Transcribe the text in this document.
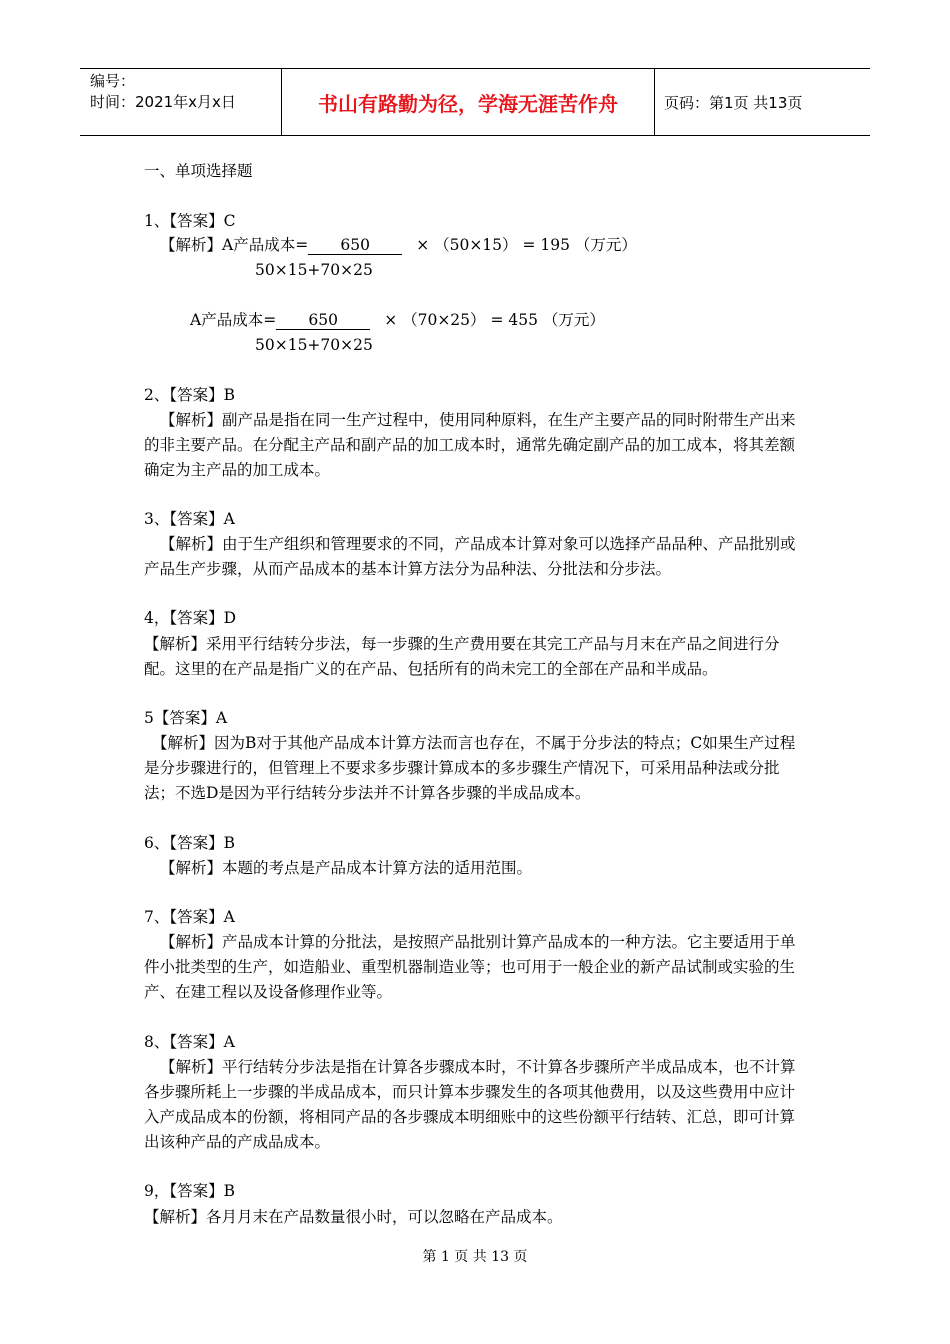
编号：
时间：2021年x月x日	书山有路勤为径，学海无涯苦作舟	页码：第1页 共13页
一、单项选择题
1、【答案】C
【解析】A产品成本= 650	× （50×15） = 195 （万元）
50×15+70×25
A产品成本= 650	× （70×25） = 455 （万元）
50×15+70×25
2、【答案】B
【解析】副产品是指在同一生产过程中，使用同种原料，在生产主要产品的同时附带生产出来的非主要产品。在分配主产品和副产品的加工成本时，通常先确定副产品的加工成本，将其差额确定为主产品的加工成本。
3、【答案】A
【解析】由于生产组织和管理要求的不同，产品成本计算对象可以选择产品品种、产品批别或产品生产步骤，从而产品成本的基本计算方法分为品种法、分批法和分步法。
4，【答案】D
【解析】采用平行结转分步法，每一步骤的生产费用要在其完工产品与月末在产品之间进行分配。这里的在产品是指广义的在产品、包括所有的尚未完工的全部在产品和半成品。
5【答案】A
【解析】因为B对于其他产品成本计算方法而言也存在，不属于分步法的特点；C如果生产过程是分步骤进行的，但管理上不要求多步骤计算成本的多步骤生产情况下，可采用品种法或分批法；不选D是因为平行结转分步法并不计算各步骤的半成品成本。
6、【答案】B
【解析】本题的考点是产品成本计算方法的适用范围。
7、【答案】A
【解析】产品成本计算的分批法，是按照产品批别计算产品成本的一种方法。它主要适用于单件小批类型的生产，如造船业、重型机器制造业等；也可用于一般企业的新产品试制或实验的生产、在建工程以及设备修理作业等。
8、【答案】A
【解析】平行结转分步法是指在计算各步骤成本时，不计算各步骤所产半成品成本，也不计算各步骤所耗上一步骤的半成品成本，而只计算本步骤发生的各项其他费用，以及这些费用中应计入产成品成本的份额，将相同产品的各步骤成本明细账中的这些份额平行结转、汇总，即可计算出该种产品的产成品成本。
9，【答案】B
【解析】各月月末在产品数量很小时，可以忽略在产品成本。
第 1 页 共 13 页
